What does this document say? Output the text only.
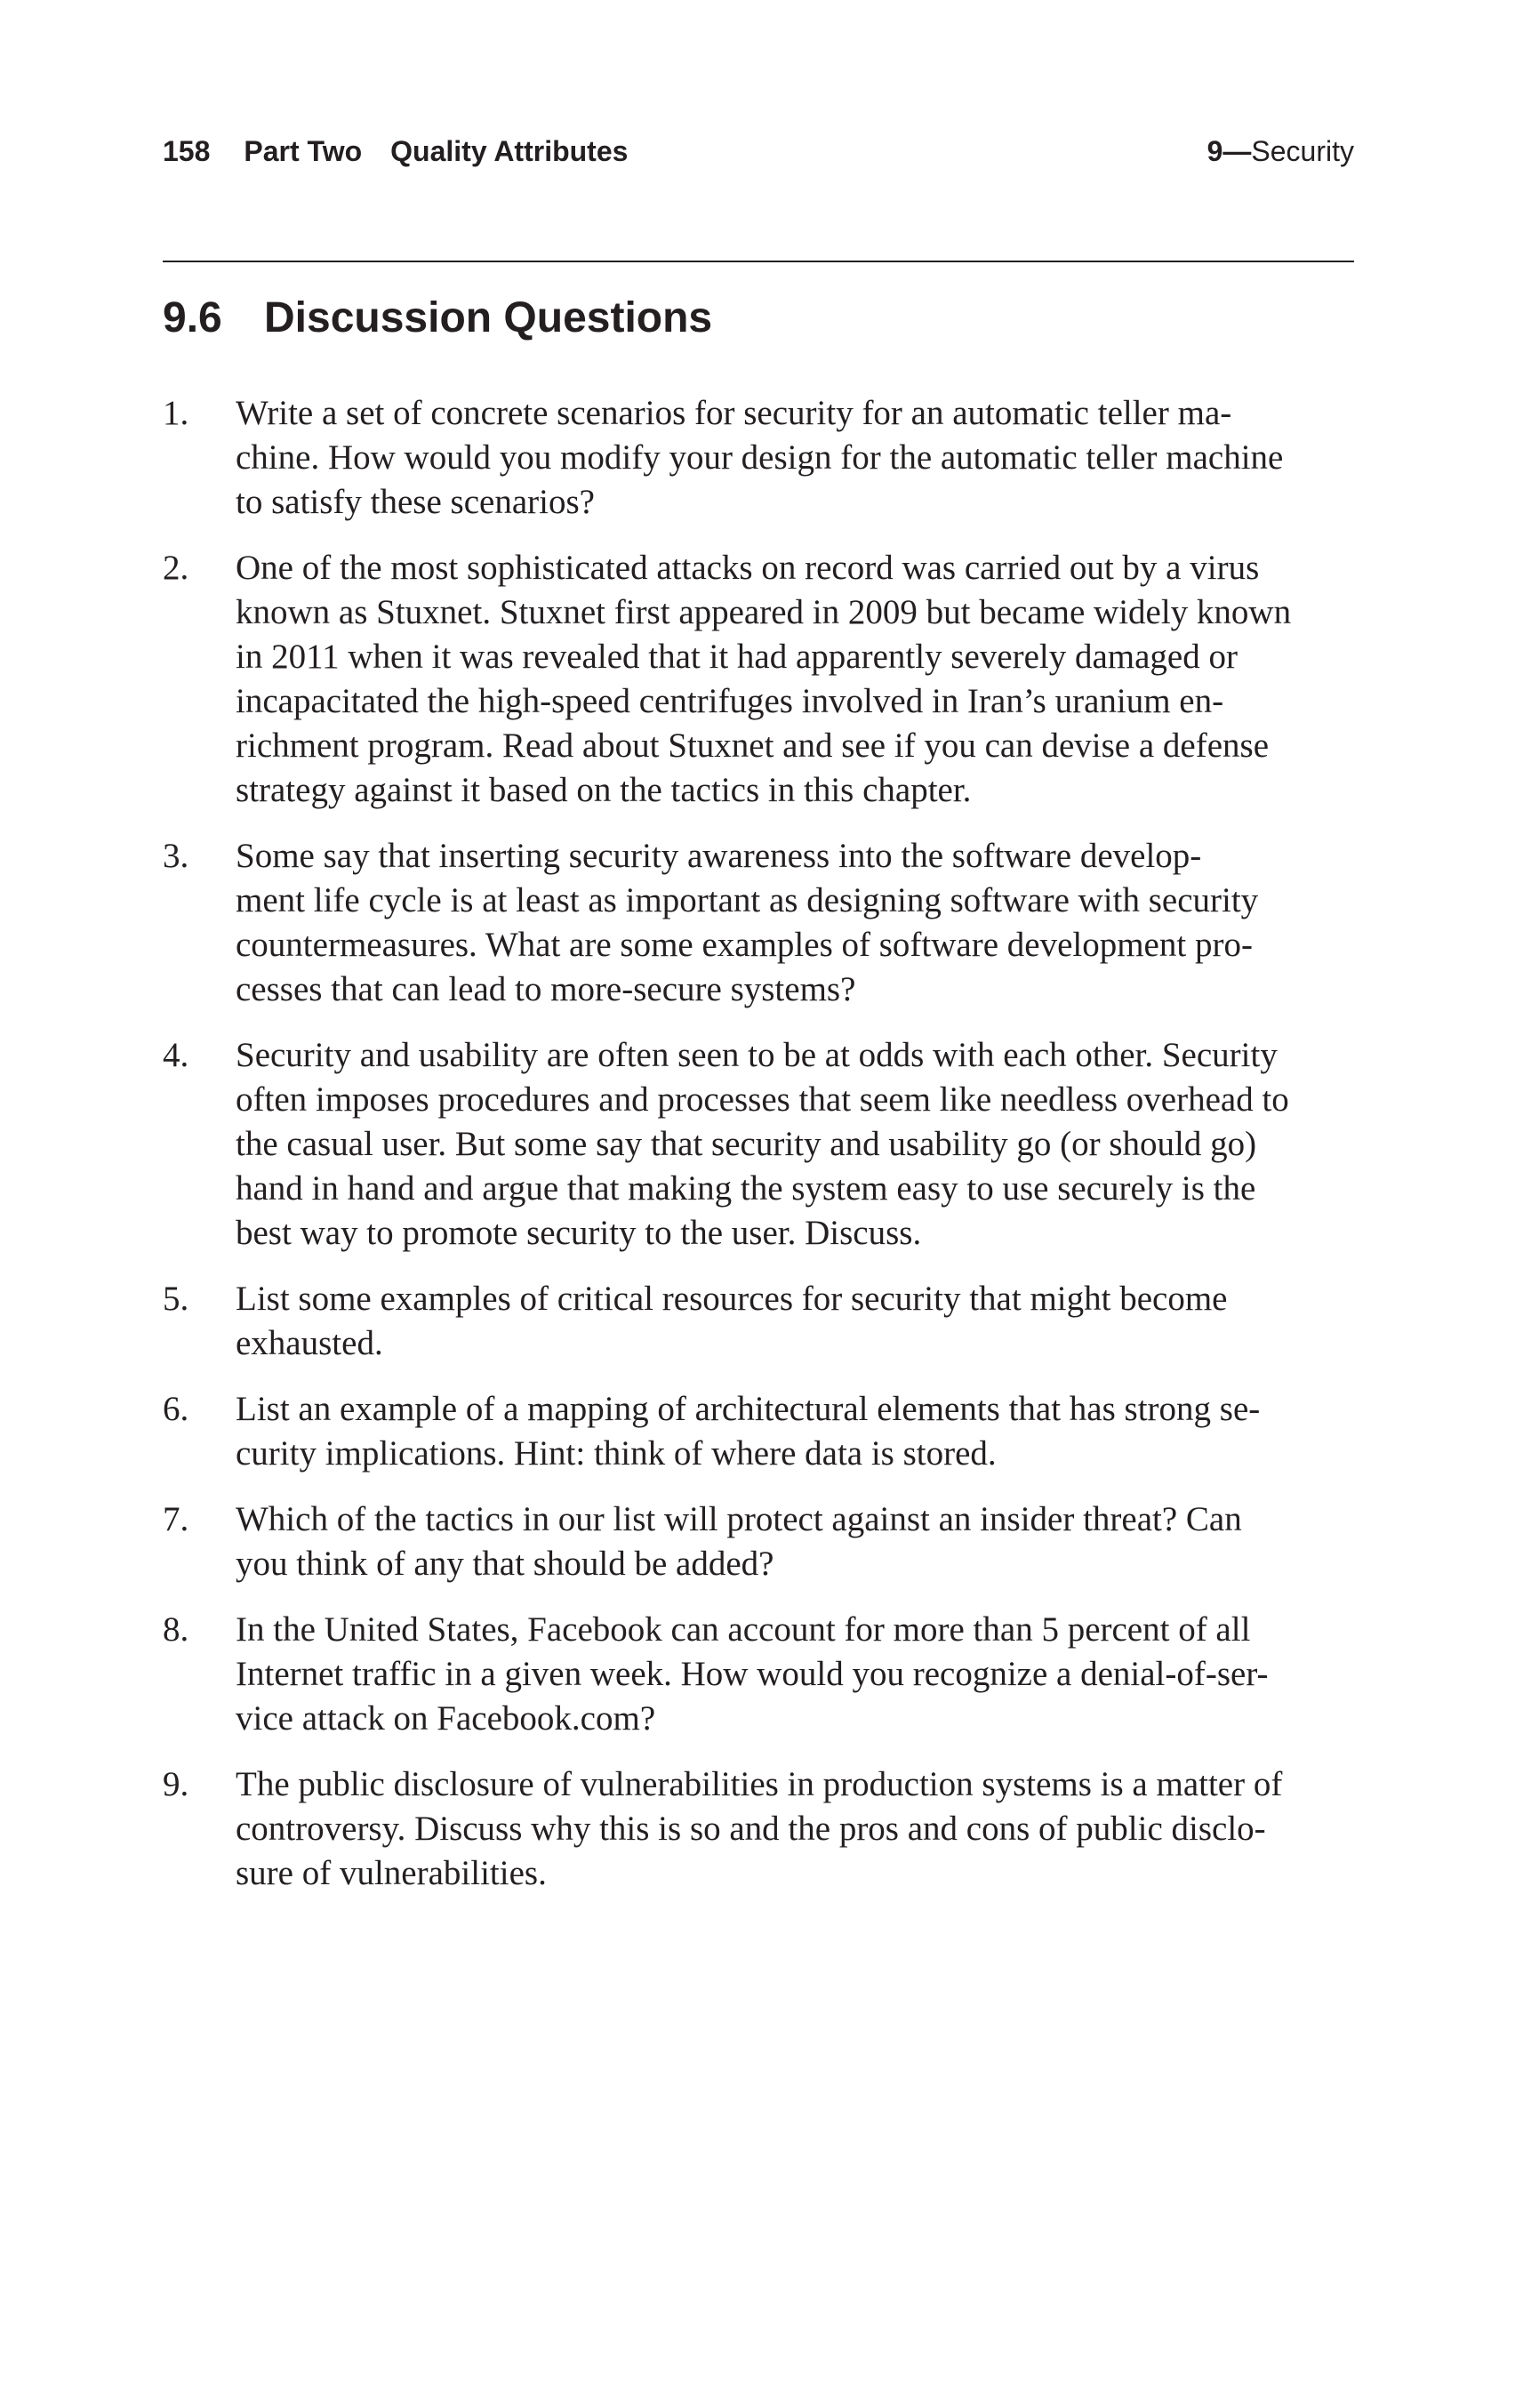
158 Part Two Quality Attributes	9—Security
9.6 Discussion Questions
1. Write a set of concrete scenarios for security for an automatic teller ma-
chine. How would you modify your design for the automatic teller machine
to satisfy these scenarios?
2. One of the most sophisticated attacks on record was carried out by a virus
known as Stuxnet. Stuxnet first appeared in 2009 but became widely known
in 2011 when it was revealed that it had apparently severely damaged or
incapacitated the high-speed centrifuges involved in Iran’s uranium en-
richment program. Read about Stuxnet and see if you can devise a defense
strategy against it based on the tactics in this chapter.
3. Some say that inserting security awareness into the software develop-
ment life cycle is at least as important as designing software with security
countermeasures. What are some examples of software development pro-
cesses that can lead to more-secure systems?
4. Security and usability are often seen to be at odds with each other. Security
often imposes procedures and processes that seem like needless overhead to
the casual user. But some say that security and usability go (or should go)
hand in hand and argue that making the system easy to use securely is the
best way to promote security to the user. Discuss.
5. List some examples of critical resources for security that might become
exhausted.
6. List an example of a mapping of architectural elements that has strong se-
curity implications. Hint: think of where data is stored.
7. Which of the tactics in our list will protect against an insider threat? Can
you think of any that should be added?
8. In the United States, Facebook can account for more than 5 percent of all
Internet traffic in a given week. How would you recognize a denial-of-ser-
vice attack on Facebook.com?
9. The public disclosure of vulnerabilities in production systems is a matter of
controversy. Discuss why this is so and the pros and cons of public disclo-
sure of vulnerabilities.
